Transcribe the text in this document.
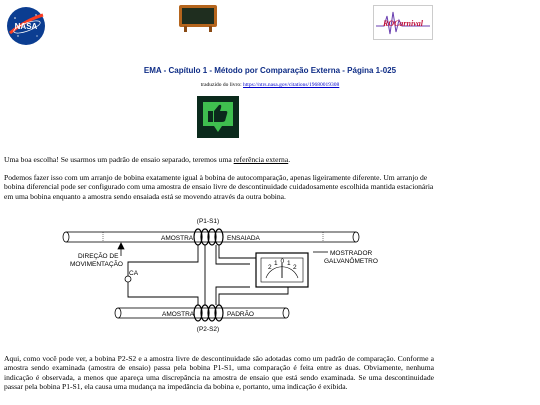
NASA	ROCarnival
EMA - Capítulo 1 - Método por Comparação Externa - Página 1-025
traduzido do livro: https://ntrs.nasa.gov/citations/19680019308
Uma boa escolha! Se usarmos um padrão de ensaio separado, teremos uma referência externa.
Podemos fazer isso com um arranjo de bobina exatamente igual à bobina de autocomparação, apenas ligeiramente diferente. Um arranjo de bobina diferencial pode ser configurado com uma amostra de ensaio livre de descontinuidade cuidadosamente escolhida mantida estacionária em uma bobina enquanto a amostra sendo ensaiada está se movendo através da outra bobina.
2
1 0 1
2
(P1-S1)
(P2-S2)
AMOSTRA	ENSAIADA
DIREÇÃO DE
MOVIMENTAÇÃO
CA
MOSTRADOR
GALVANÔMETRO
AMOSTRA	PADRÃO
Aqui, como você pode ver, a bobina P2-S2 e a amostra livre de descontinuidade são adotadas como um padrão de comparação. Conforme a amostra sendo examinada (amostra de ensaio) passa pela bobina P1-S1, uma comparação é feita entre as duas. Obviamente, nenhuma indicação é observada, a menos que apareça uma discrepância na amostra de ensaio que está sendo examinada. Se uma descontinuidade passar pela bobina P1-S1, ela causa uma mudança na impedância da bobina e, portanto, uma indicação é exibida.
